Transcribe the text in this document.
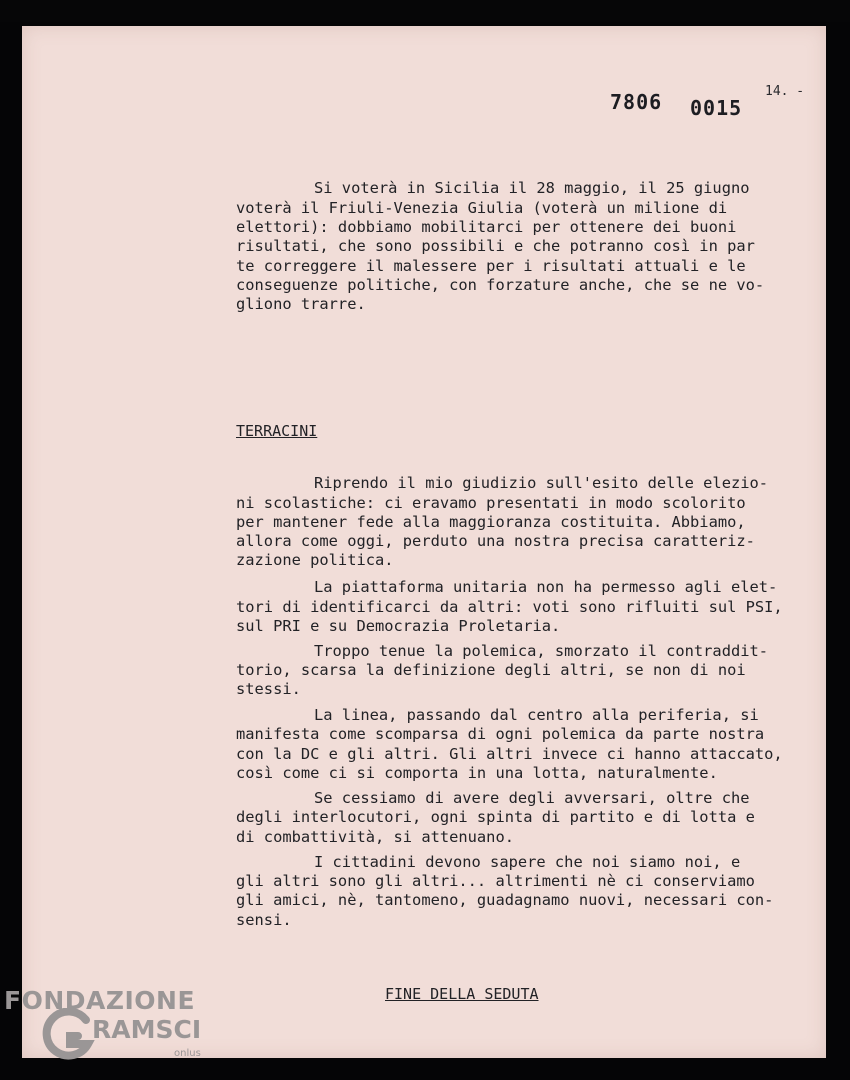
7806 0015
14. -
Si voterà in Sicilia il 28 maggio, il 25 giugno
voterà il Friuli-Venezia Giulia (voterà un milione di
elettori): dobbiamo mobilitarci per ottenere dei buoni
risultati, che sono possibili e che potranno così in par
te correggere il malessere per i risultati attuali e le
conseguenze politiche, con forzature anche, che se ne vo-
gliono trarre.
TERRACINI
Riprendo il mio giudizio sull'esito delle elezio-
ni scolastiche: ci eravamo presentati in modo scolorito
per mantener fede alla maggioranza costituita. Abbiamo,
allora come oggi, perduto una nostra precisa caratteriz-
zazione politica.
La piattaforma unitaria non ha permesso agli elet-
tori di identificarci da altri: voti sono rifluiti sul PSI,
sul PRI e su Democrazia Proletaria.
Troppo tenue la polemica, smorzato il contraddit-
torio, scarsa la definizione degli altri, se non di noi
stessi.
La linea, passando dal centro alla periferia, si
manifesta come scomparsa di ogni polemica da parte nostra
con la DC e gli altri. Gli altri invece ci hanno attaccato,
così come ci si comporta in una lotta, naturalmente.
Se cessiamo di avere degli avversari, oltre che
degli interlocutori, ogni spinta di partito e di lotta e
di combattività, si attenuano.
I cittadini devono sapere che noi siamo noi, e
gli altri sono gli altri... altrimenti nè ci conserviamo
gli amici, nè, tantomeno, guadagnamo nuovi, necessari con-
sensi.
FINE DELLA SEDUTA
FONDAZIONE
RAMSCI
onlus
